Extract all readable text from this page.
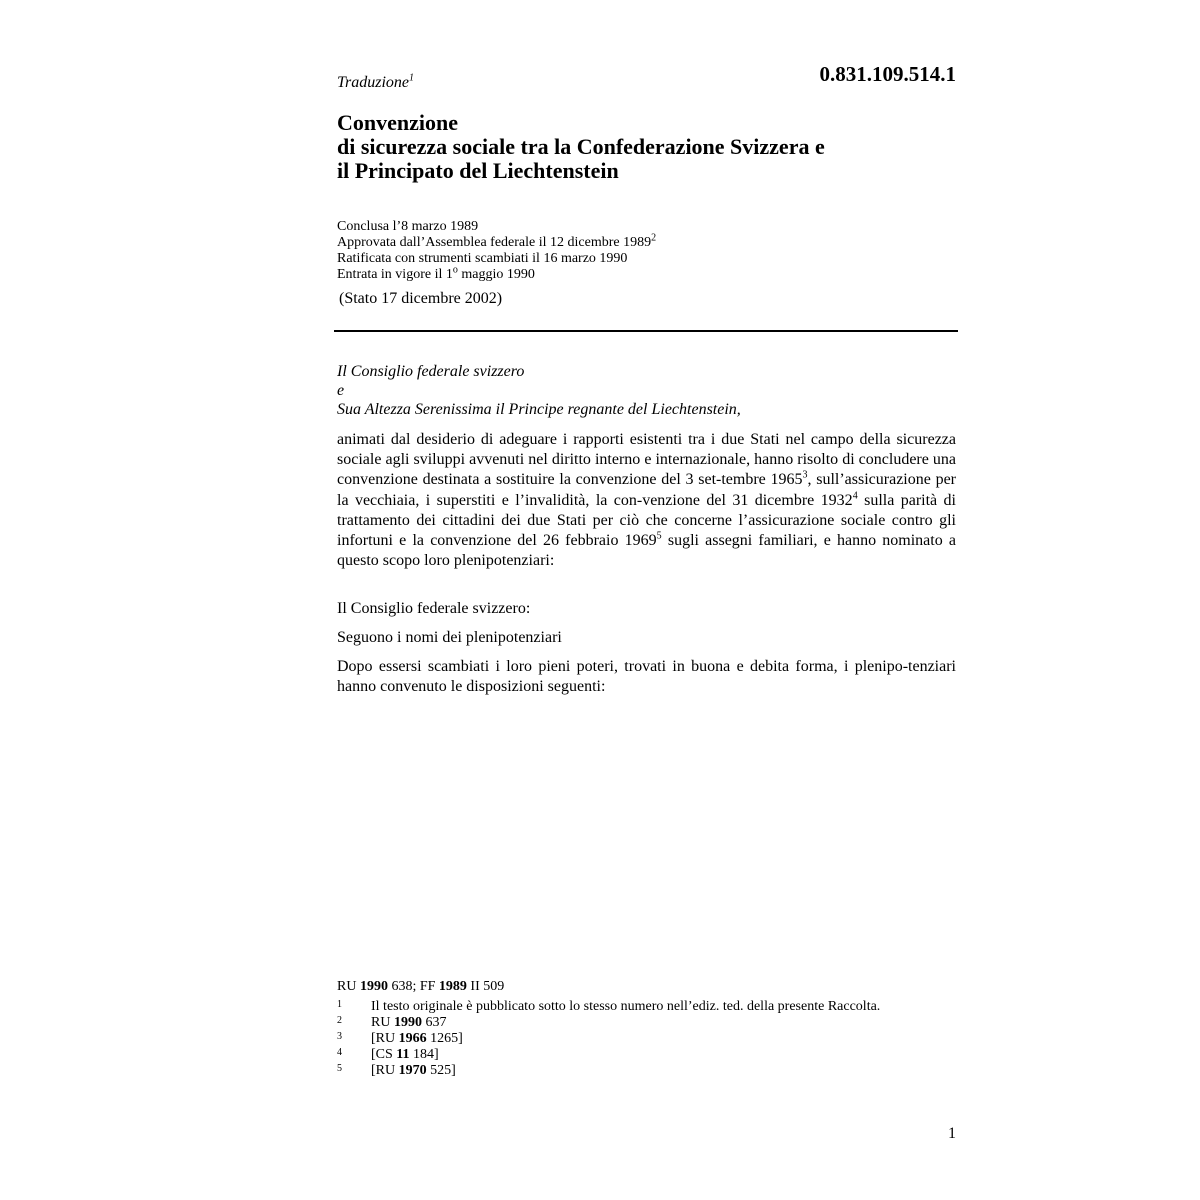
0.831.109.514.1
Traduzione$^1$
Convenzione
di sicurezza sociale tra la Confederazione Svizzera e
il Principato del Liechtenstein
Conclusa l’8 marzo 1989
Approvata dall’Assemblea federale il 12 dicembre 1989$^2$
Ratificata con strumenti scambiati il 16 marzo 1990
Entrata in vigore il 1$^o$ maggio 1990
(Stato 17 dicembre 2002)
Il Consiglio federale svizzero
e
Sua Altezza Serenissima il Principe regnante del Liechtenstein,
animati dal desiderio di adeguare i rapporti esistenti tra i due Stati nel campo della sicurezza sociale agli sviluppi avvenuti nel diritto interno e internazionale, hanno risolto di concludere una convenzione destinata a sostituire la convenzione del 3 set-tembre 1965$^3$, sull’assicurazione per la vecchiaia, i superstiti e l’invalidità, la con-venzione del 31 dicembre 1932$^4$ sulla parità di trattamento dei cittadini dei due Stati per ciò che concerne l’assicurazione sociale contro gli infortuni e la convenzione del 26 febbraio 1969$^5$ sugli assegni familiari, e hanno nominato a questo scopo loro plenipotenziari:
Il Consiglio federale svizzero:
Seguono i nomi dei plenipotenziari
Dopo essersi scambiati i loro pieni poteri, trovati in buona e debita forma, i plenipo-tenziari hanno convenuto le disposizioni seguenti:
RU 1990 638; FF 1989 II 509
1 Il testo originale è pubblicato sotto lo stesso numero nell’ediz. ted. della presente Raccolta.
2 RU 1990 637
3 [RU 1966 1265]
4 [CS 11 184]
5 [RU 1970 525]
1
